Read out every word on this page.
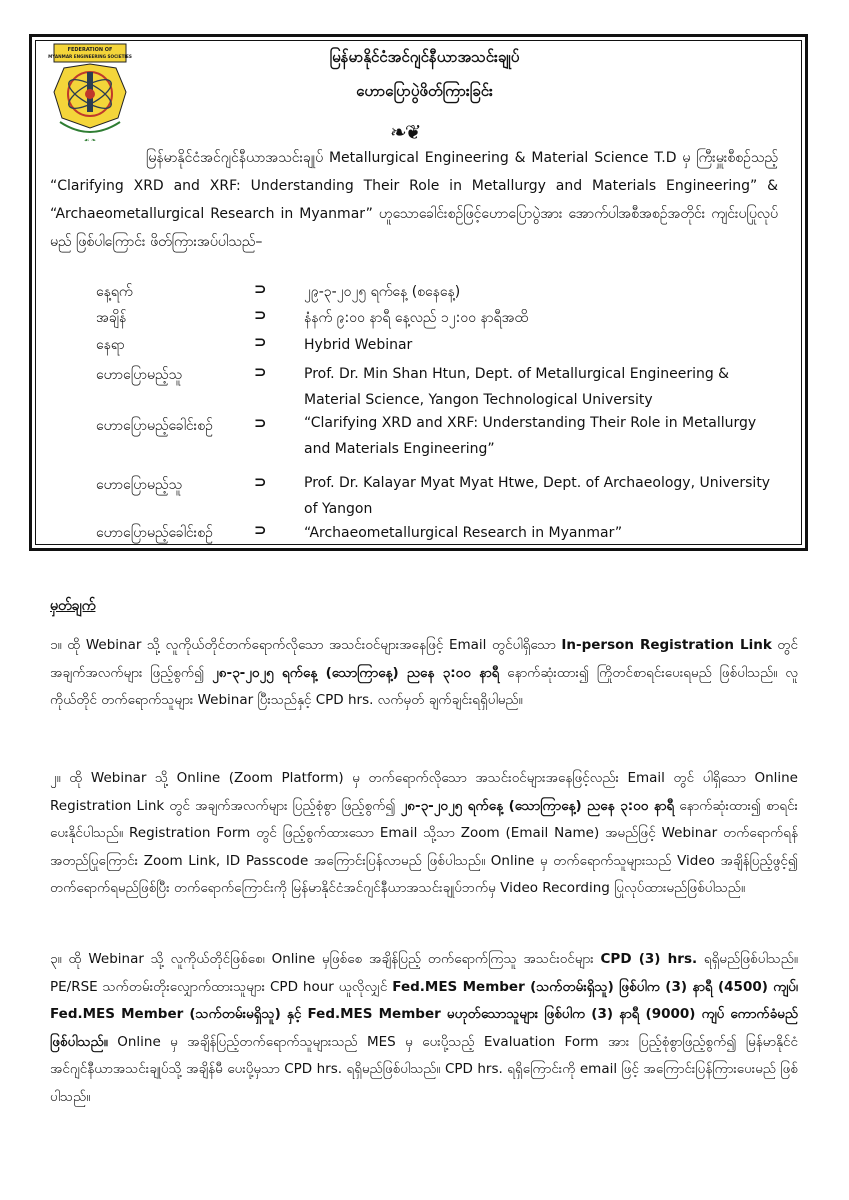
FEDERATION OF
MYANMAR ENGINEERING SOCIETIES
☙ ❧
မြန်မာနိုင်ငံအင်ဂျင်နီယာအသင်းချုပ်
ဟောပြောပွဲဖိတ်ကြားခြင်း
❧❦
မြန်မာနိုင်ငံအင်ဂျင်နီယာအသင်းချုပ် Metallurgical Engineering & Material Science T.D မှ ကြီးမှူးစီစဉ်သည့် “Clarifying XRD and XRF: Understanding Their Role in Metallurgy and Materials Engineering” & “Archaeometallurgical Research in Myanmar” ဟူသောခေါင်းစဉ်ဖြင့်ဟောပြောပွဲအား အောက်ပါအစီအစဉ်အတိုင်း ကျင်းပပြုလုပ်မည် ဖြစ်ပါကြောင်း ဖိတ်ကြားအပ်ပါသည်–
နေ့ရက်	⊃	၂၉-၃-၂၀၂၅ ရက်နေ့ (စနေနေ့)
အချိန်	⊃	နံနက် ၉:၀၀ နာရီ နေ့လည် ၁၂:၀၀ နာရီအထိ
နေရာ	⊃	Hybrid Webinar
ဟောပြောမည့်သူ	⊃	Prof. Dr. Min Shan Htun, Dept. of Metallurgical Engineering & Material Science, Yangon Technological University
ဟောပြောမည့်ခေါင်းစဉ်	⊃	“Clarifying XRD and XRF: Understanding Their Role in Metallurgy and Materials Engineering”
ဟောပြောမည့်သူ	⊃	Prof. Dr. Kalayar Myat Myat Htwe, Dept. of Archaeology, University of Yangon
ဟောပြောမည့်ခေါင်းစဉ်	⊃	“Archaeometallurgical Research in Myanmar”
မှတ်ချက်
၁။ ထို Webinar သို့ လူကိုယ်တိုင်တက်ရောက်လိုသော အသင်းဝင်များအနေဖြင့် Email တွင်ပါရှိသော In-person Registration Link တွင် အချက်အလက်များ ဖြည့်စွက်၍ ၂၈-၃-၂၀၂၅ ရက်နေ့ (သောကြာနေ့) ညနေ ၃:၀၀ နာရီ နောက်ဆုံးထား၍ ကြိုတင်စာရင်းပေးရမည် ဖြစ်ပါသည်။ လူကိုယ်တိုင် တက်ရောက်သူများ Webinar ပြီးသည်နှင့် CPD hrs. လက်မှတ် ချက်ချင်းရရှိပါမည်။
၂။ ထို Webinar သို့ Online (Zoom Platform) မှ တက်ရောက်လိုသော အသင်းဝင်များအနေဖြင့်လည်း Email တွင် ပါရှိသော Online Registration Link တွင် အချက်အလက်များ ပြည့်စုံစွာ ဖြည့်စွက်၍ ၂၈-၃-၂၀၂၅ ရက်နေ့ (သောကြာနေ့) ညနေ ၃:၀၀ နာရီ နောက်ဆုံးထား၍ စာရင်းပေးနိုင်ပါသည်။ Registration Form တွင် ဖြည့်စွက်ထားသော Email သို့သာ Zoom (Email Name) အမည်ဖြင့် Webinar တက်ရောက်ရန် အတည်ပြုကြောင်း Zoom Link, ID Passcode အကြောင်းပြန်လာမည် ဖြစ်ပါသည်။ Online မှ တက်ရောက်သူများသည် Video အချိန်ပြည့်ဖွင့်၍ တက်ရောက်ရမည်ဖြစ်ပြီး တက်ရောက်ကြောင်းကို မြန်မာနိုင်ငံအင်ဂျင်နီယာအသင်းချုပ်ဘက်မှ Video Recording ပြုလုပ်ထားမည်ဖြစ်ပါသည်။
၃။ ထို Webinar သို့ လူကိုယ်တိုင်ဖြစ်စေ၊ Online မှဖြစ်စေ အချိန်ပြည့် တက်ရောက်ကြသူ အသင်းဝင်များ CPD (3) hrs. ရရှိမည်ဖြစ်ပါသည်။ PE/RSE သက်တမ်းတိုးလျှောက်ထားသူများ CPD hour ယူလိုလျှင် Fed.MES Member (သက်တမ်းရှိသူ) ဖြစ်ပါက (3) နာရီ (4500) ကျပ်၊ Fed.MES Member (သက်တမ်းမရှိသူ) နှင့် Fed.MES Member မဟုတ်သောသူများ ဖြစ်ပါက (3) နာရီ (9000) ကျပ် ကောက်ခံမည်ဖြစ်ပါသည်။ Online မှ အချိန်ပြည့်တက်ရောက်သူများသည် MES မှ ပေးပို့သည့် Evaluation Form အား ပြည့်စုံစွာဖြည့်စွက်၍ မြန်မာနိုင်ငံအင်ဂျင်နီယာအသင်းချုပ်သို့ အချိန်မီ ပေးပို့မှသာ CPD hrs. ရရှိမည်ဖြစ်ပါသည်။ CPD hrs. ရရှိကြောင်းကို email ဖြင့် အကြောင်းပြန်ကြားပေးမည် ဖြစ်ပါသည်။
